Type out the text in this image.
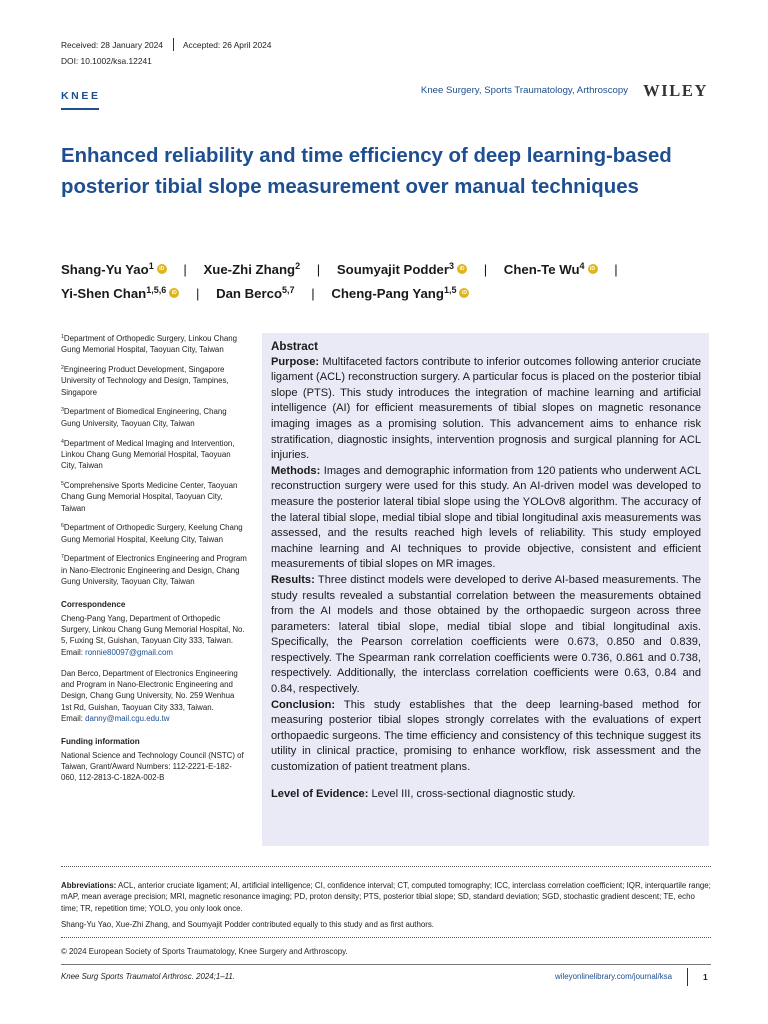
Received: 28 January 2024 Accepted: 26 April 2024
DOI: 10.1002/ksa.12241
KNEE	Knee Surgery, Sports Traumatology, Arthroscopy WILEY
Enhanced reliability and time efficiency of deep learning-based posterior tibial slope measurement over manual techniques
Shang-Yu Yao$^1$ iD | Xue-Zhi Zhang$^2$ | Soumyajit Podder$^3$ iD | Chen-Te Wu$^4$ iD |
Yi-Shen Chan$^{1,5,6}$ iD | Dan Berco$^{5,7}$ | Cheng-Pang Yang$^{1,5}$iD
$^1$Department of Orthopedic Surgery, Linkou Chang Gung Memorial Hospital, Taoyuan City, Taiwan
$^2$Engineering Product Development, Singapore University of Technology and Design, Tampines, Singapore
$^3$Department of Biomedical Engineering, Chang Gung University, Taoyuan City, Taiwan
$^4$Department of Medical Imaging and Intervention, Linkou Chang Gung Memorial Hospital, Taoyuan City, Taiwan
$^5$Comprehensive Sports Medicine Center, Taoyuan Chang Gung Memorial Hospital, Taoyuan City, Taiwan
$^6$Department of Orthopedic Surgery, Keelung Chang Gung Memorial Hospital, Keelung City, Taiwan
$^7$Department of Electronics Engineering and Program in Nano-Electronic Engineering and Design, Chang Gung University, Taoyuan City, Taiwan
Correspondence
Cheng-Pang Yang, Department of Orthopedic Surgery, Linkou Chang Gung Memorial Hospital, No. 5, Fuxing St, Guishan, Taoyuan City 333, Taiwan.
Email: ronnie80097@gmail.com
Dan Berco, Department of Electronics Engineering and Program in Nano-Electronic Engineering and Design, Chang Gung University, No. 259 Wenhua 1st Rd, Guishan, Taoyuan City 333, Taiwan.
Email: danny@mail.cgu.edu.tw
Funding information
National Science and Technology Council (NSTC) of Taiwan, Grant/Award Numbers: 112-2221-E-182-060, 112-2813-C-182A-002-B
Abstract

Purpose: Multifaceted factors contribute to inferior outcomes following anterior cruciate ligament (ACL) reconstruction surgery. A particular focus is placed on the posterior tibial slope (PTS). This study introduces the integration of machine learning and artificial intelligence (AI) for efficient measurements of tibial slopes on magnetic resonance imaging images as a promising solution. This advancement aims to enhance risk stratification, diagnostic insights, intervention prognosis and surgical planning for ACL injuries.

Methods: Images and demographic information from 120 patients who underwent ACL reconstruction surgery were used for this study. An AI-driven model was developed to measure the posterior lateral tibial slope using the YOLOv8 algorithm. The accuracy of the lateral tibial slope, medial tibial slope and tibial longitudinal axis measurements was assessed, and the results reached high levels of reliability. This study employed machine learning and AI techniques to provide objective, consistent and efficient measurements of tibial slopes on MR images.

Results: Three distinct models were developed to derive AI-based measurements. The study results revealed a substantial correlation between the measurements obtained from the AI models and those obtained by the orthopaedic surgeon across three parameters: lateral tibial slope, medial tibial slope and tibial longitudinal axis. Specifically, the Pearson correlation coefficients were 0.673, 0.850 and 0.839, respectively. The Spearman rank correlation coefficients were 0.736, 0.861 and 0.738, respectively. Additionally, the interclass correlation coefficients were 0.63, 0.84 and 0.84, respectively.

Conclusion: This study establishes that the deep learning-based method for measuring posterior tibial slopes strongly correlates with the evaluations of expert orthopaedic surgeons. The time efficiency and consistency of this technique suggest its utility in clinical practice, promising to enhance workflow, risk assessment and the customization of patient treatment plans.

Level of Evidence: Level III, cross-sectional diagnostic study.

Abbreviations: ACL, anterior cruciate ligament; AI, artificial intelligence; CI, confidence interval; CT, computed tomography; ICC, interclass correlation coefficient; IQR, interquartile range; mAP, mean average precision; MRI, magnetic resonance imaging; PD, proton density; PTS, posterior tibial slope; SD, standard deviation; SGD, stochastic gradient descent; TE, echo time; TR, repetition time; YOLO, you only look once.
Shang-Yu Yao, Xue-Zhi Zhang, and Soumyajit Podder contributed equally to this study and as first authors.
© 2024 European Society of Sports Traumatology, Knee Surgery and Arthroscopy.
Knee Surg Sports Traumatol Arthrosc. 2024;1–11.	wileyonlinelibrary.com/journal/ksa	1
